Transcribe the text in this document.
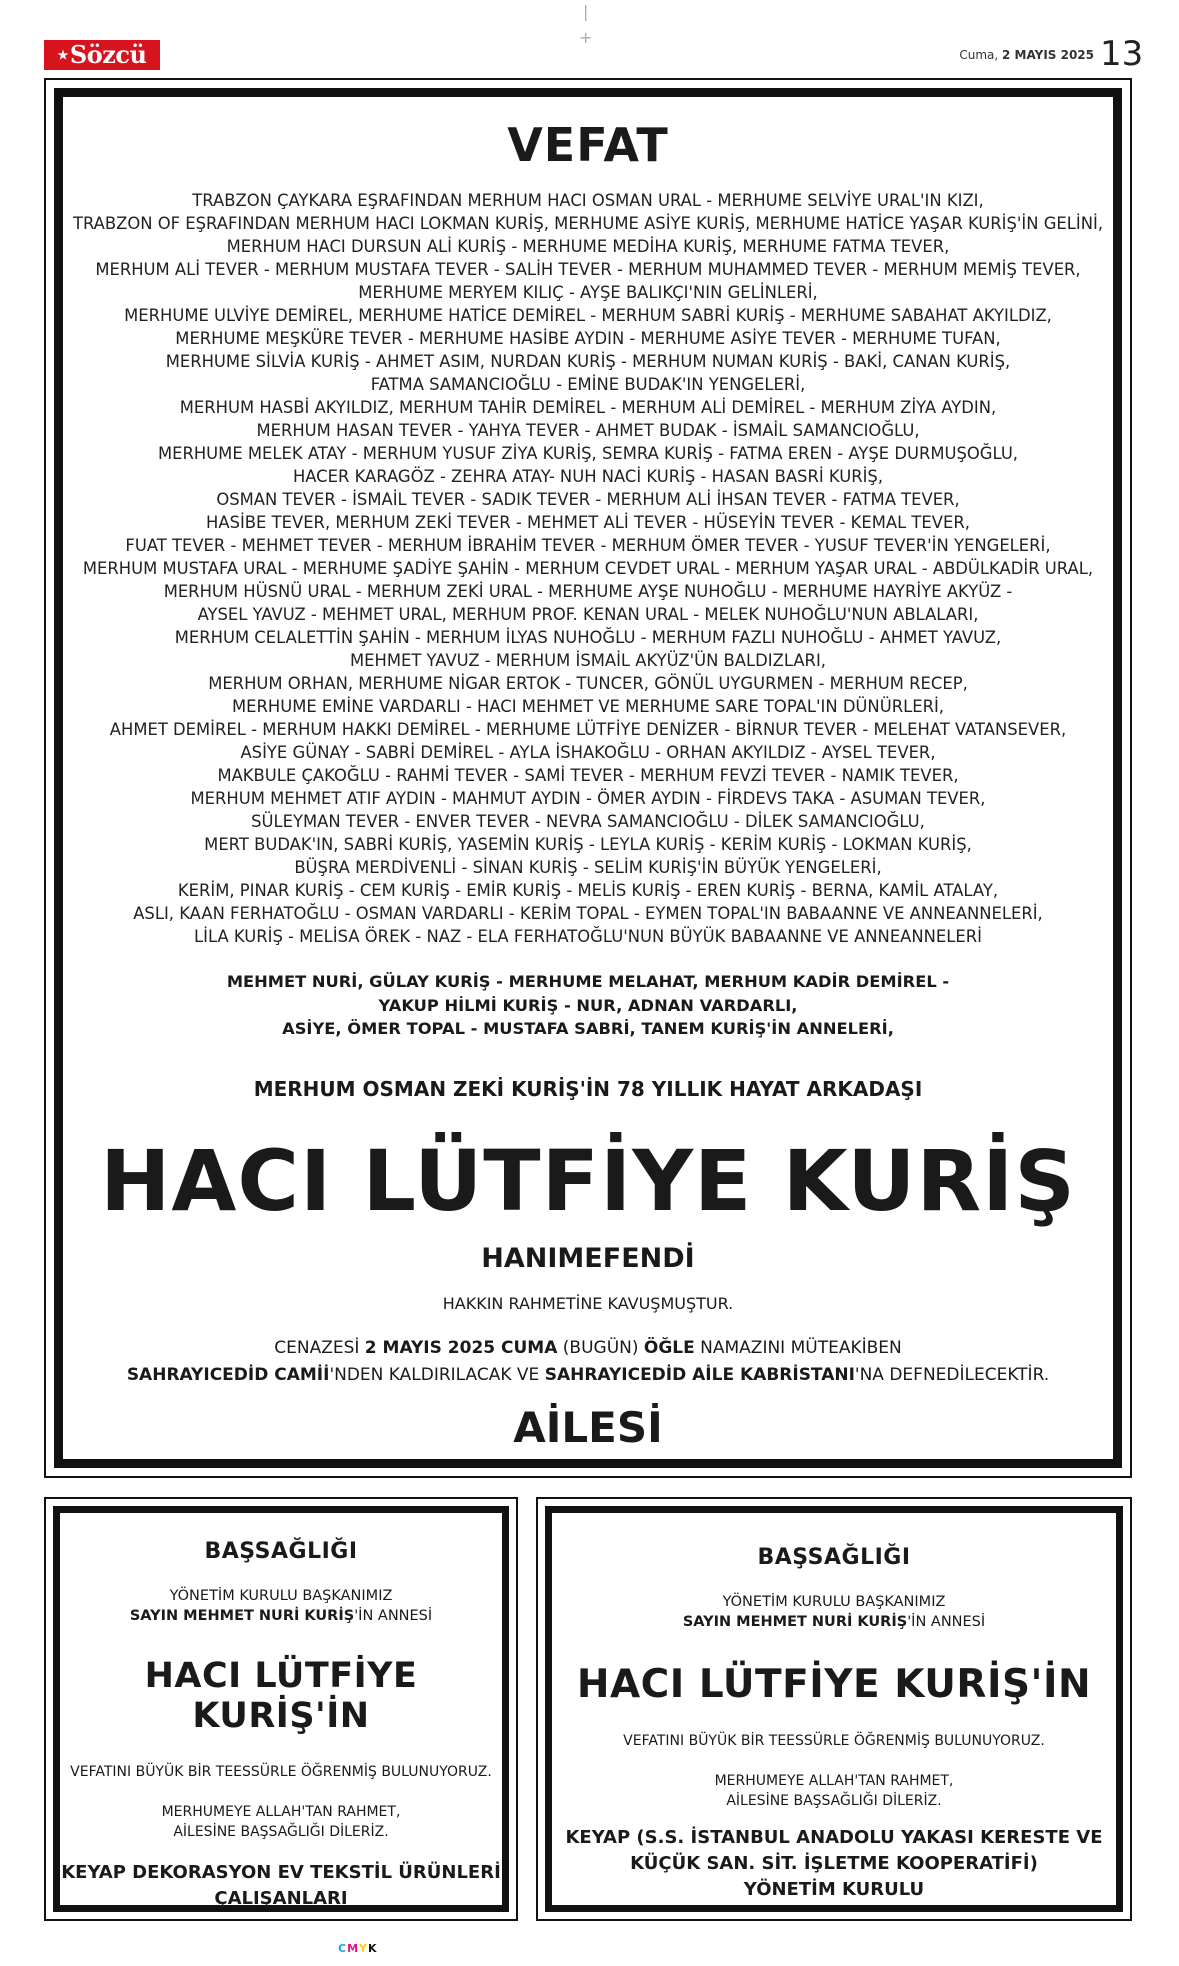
★Sözcü
|
+
Cuma, 2 MAYIS 2025 13
VEFAT
TRABZON ÇAYKARA EŞRAFINDAN MERHUM HACI OSMAN URAL - MERHUME SELVİYE URAL'IN KIZI,
TRABZON OF EŞRAFINDAN MERHUM HACI LOKMAN KURİŞ, MERHUME ASİYE KURİŞ, MERHUME HATİCE YAŞAR KURİŞ'İN GELİNİ,
MERHUM HACI DURSUN ALİ KURİŞ - MERHUME MEDİHA KURİŞ, MERHUME FATMA TEVER,
MERHUM ALİ TEVER - MERHUM MUSTAFA TEVER - SALİH TEVER - MERHUM MUHAMMED TEVER - MERHUM MEMİŞ TEVER,
MERHUME MERYEM KILIÇ - AYŞE BALIKÇI'NIN GELİNLERİ,
MERHUME ULVİYE DEMİREL, MERHUME HATİCE DEMİREL - MERHUM SABRİ KURİŞ - MERHUME SABAHAT AKYILDIZ,
MERHUME MEŞKÜRE TEVER - MERHUME HASİBE AYDIN - MERHUME ASİYE TEVER - MERHUME TUFAN,
MERHUME SİLVİA KURİŞ - AHMET ASIM, NURDAN KURİŞ - MERHUM NUMAN KURİŞ - BAKİ, CANAN KURİŞ,
FATMA SAMANCIOĞLU - EMİNE BUDAK'IN YENGELERİ,
MERHUM HASBİ AKYILDIZ, MERHUM TAHİR DEMİREL - MERHUM ALİ DEMİREL - MERHUM ZİYA AYDIN,
MERHUM HASAN TEVER - YAHYA TEVER - AHMET BUDAK - İSMAİL SAMANCIOĞLU,
MERHUME MELEK ATAY - MERHUM YUSUF ZİYA KURİŞ, SEMRA KURİŞ - FATMA EREN - AYŞE DURMUŞOĞLU,
HACER KARAGÖZ - ZEHRA ATAY- NUH NACİ KURİŞ - HASAN BASRİ KURİŞ,
OSMAN TEVER - İSMAİL TEVER - SADIK TEVER - MERHUM ALİ İHSAN TEVER - FATMA TEVER,
HASİBE TEVER, MERHUM ZEKİ TEVER - MEHMET ALİ TEVER - HÜSEYİN TEVER - KEMAL TEVER,
FUAT TEVER - MEHMET TEVER - MERHUM İBRAHİM TEVER - MERHUM ÖMER TEVER - YUSUF TEVER'İN YENGELERİ,
MERHUM MUSTAFA URAL - MERHUME ŞADİYE ŞAHİN - MERHUM CEVDET URAL - MERHUM YAŞAR URAL - ABDÜLKADİR URAL,
MERHUM HÜSNÜ URAL - MERHUM ZEKİ URAL - MERHUME AYŞE NUHOĞLU - MERHUME HAYRİYE AKYÜZ -
AYSEL YAVUZ - MEHMET URAL, MERHUM PROF. KENAN URAL - MELEK NUHOĞLU'NUN ABLALARI,
MERHUM CELALETTİN ŞAHİN - MERHUM İLYAS NUHOĞLU - MERHUM FAZLI NUHOĞLU - AHMET YAVUZ,
MEHMET YAVUZ - MERHUM İSMAİL AKYÜZ'ÜN BALDIZLARI,
MERHUM ORHAN, MERHUME NİGAR ERTOK - TUNCER, GÖNÜL UYGURMEN - MERHUM RECEP,
MERHUME EMİNE VARDARLI - HACI MEHMET VE MERHUME SARE TOPAL'IN DÜNÜRLERİ,
AHMET DEMİREL - MERHUM HAKKI DEMİREL - MERHUME LÜTFİYE DENİZER - BİRNUR TEVER - MELEHAT VATANSEVER,
ASİYE GÜNAY - SABRİ DEMİREL - AYLA İSHAKOĞLU - ORHAN AKYILDIZ - AYSEL TEVER,
MAKBULE ÇAKOĞLU - RAHMİ TEVER - SAMİ TEVER - MERHUM FEVZİ TEVER - NAMIK TEVER,
MERHUM MEHMET ATIF AYDIN - MAHMUT AYDIN - ÖMER AYDIN - FİRDEVS TAKA - ASUMAN TEVER,
SÜLEYMAN TEVER - ENVER TEVER - NEVRA SAMANCIOĞLU - DİLEK SAMANCIOĞLU,
MERT BUDAK'IN, SABRİ KURİŞ, YASEMİN KURİŞ - LEYLA KURİŞ - KERİM KURİŞ - LOKMAN KURİŞ,
BÜŞRA MERDİVENLİ - SİNAN KURİŞ - SELİM KURİŞ'İN BÜYÜK YENGELERİ,
KERİM, PINAR KURİŞ - CEM KURİŞ - EMİR KURİŞ - MELİS KURİŞ - EREN KURİŞ - BERNA, KAMİL ATALAY,
ASLI, KAAN FERHATOĞLU - OSMAN VARDARLI - KERİM TOPAL - EYMEN TOPAL'IN BABAANNE VE ANNEANNELERİ,
LİLA KURİŞ - MELİSA ÖREK - NAZ - ELA FERHATOĞLU'NUN BÜYÜK BABAANNE VE ANNEANNELERİ
MEHMET NURİ, GÜLAY KURİŞ - MERHUME MELAHAT, MERHUM KADİR DEMİREL -
YAKUP HİLMİ KURİŞ - NUR, ADNAN VARDARLI,
ASİYE, ÖMER TOPAL - MUSTAFA SABRİ, TANEM KURİŞ'İN ANNELERİ,
MERHUM OSMAN ZEKİ KURİŞ'İN 78 YILLIK HAYAT ARKADAŞI
HACI LÜTFİYE KURİŞ
HANIMEFENDİ
HAKKIN RAHMETİNE KAVUŞMUŞTUR.
CENAZESİ 2 MAYIS 2025 CUMA (BUGÜN) ÖĞLE NAMAZINI MÜTEAKİBEN
SAHRAYICEDİD CAMİİ'NDEN KALDIRILACAK VE SAHRAYICEDİD AİLE KABRİSTANI'NA DEFNEDİLECEKTİR.
AİLESİ
BAŞSAĞLIĞI
YÖNETİM KURULU BAŞKANIMIZ
SAYIN MEHMET NURİ KURİŞ'İN ANNESİ
HACI LÜTFİYE KURİŞ'İN
VEFATINI BÜYÜK BİR TEESSÜRLE ÖĞRENMİŞ BULUNUYORUZ.
MERHUMEYE ALLAH'TAN RAHMET,
AİLESİNE BAŞSAĞLIĞI DİLERİZ.
KEYAP DEKORASYON EV TEKSTİL ÜRÜNLERİ
ÇALIŞANLARI
BAŞSAĞLIĞI
YÖNETİM KURULU BAŞKANIMIZ
SAYIN MEHMET NURİ KURİŞ'İN ANNESİ
HACI LÜTFİYE KURİŞ'İN
VEFATINI BÜYÜK BİR TEESSÜRLE ÖĞRENMİŞ BULUNUYORUZ.
MERHUMEYE ALLAH'TAN RAHMET,
AİLESİNE BAŞSAĞLIĞI DİLERİZ.
KEYAP (S.S. İSTANBUL ANADOLU YAKASI KERESTE VE
KÜÇÜK SAN. SİT. İŞLETME KOOPERATİFİ)
YÖNETİM KURULU
CMYK
